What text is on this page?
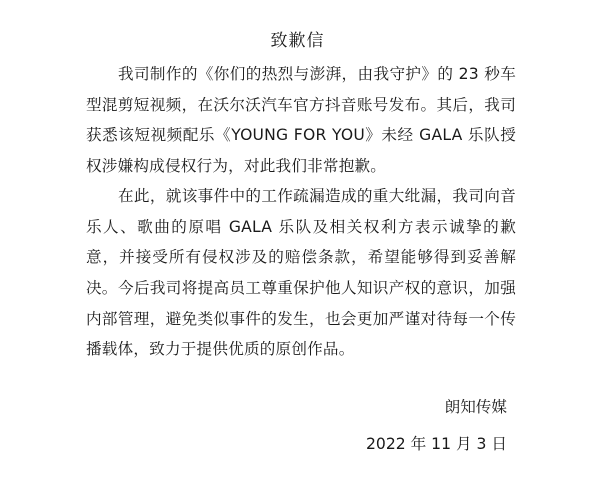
致歉信

我司制作的《你们的热烈与澎湃，由我守护》的 23 秒车型混剪短视频，在沃尔沃汽车官方抖音账号发布。其后，我司获悉该短视频配乐《YOUNG FOR YOU》未经 GALA 乐队授权涉嫌构成侵权行为，对此我们非常抱歉。

在此，就该事件中的工作疏漏造成的重大纰漏，我司向音乐人、歌曲的原唱 GALA 乐队及相关权利方表示诚挚的歉意，并接受所有侵权涉及的赔偿条款，希望能够得到妥善解决。 今后我司将提高员工尊重保护他人知识产权的意识，加强内部管理，避免类似事件的发生，也会更加严谨对待每一个传播载体，致力于提供优质的原创作品。

朗知传媒
2022 年 11 月 3 日
